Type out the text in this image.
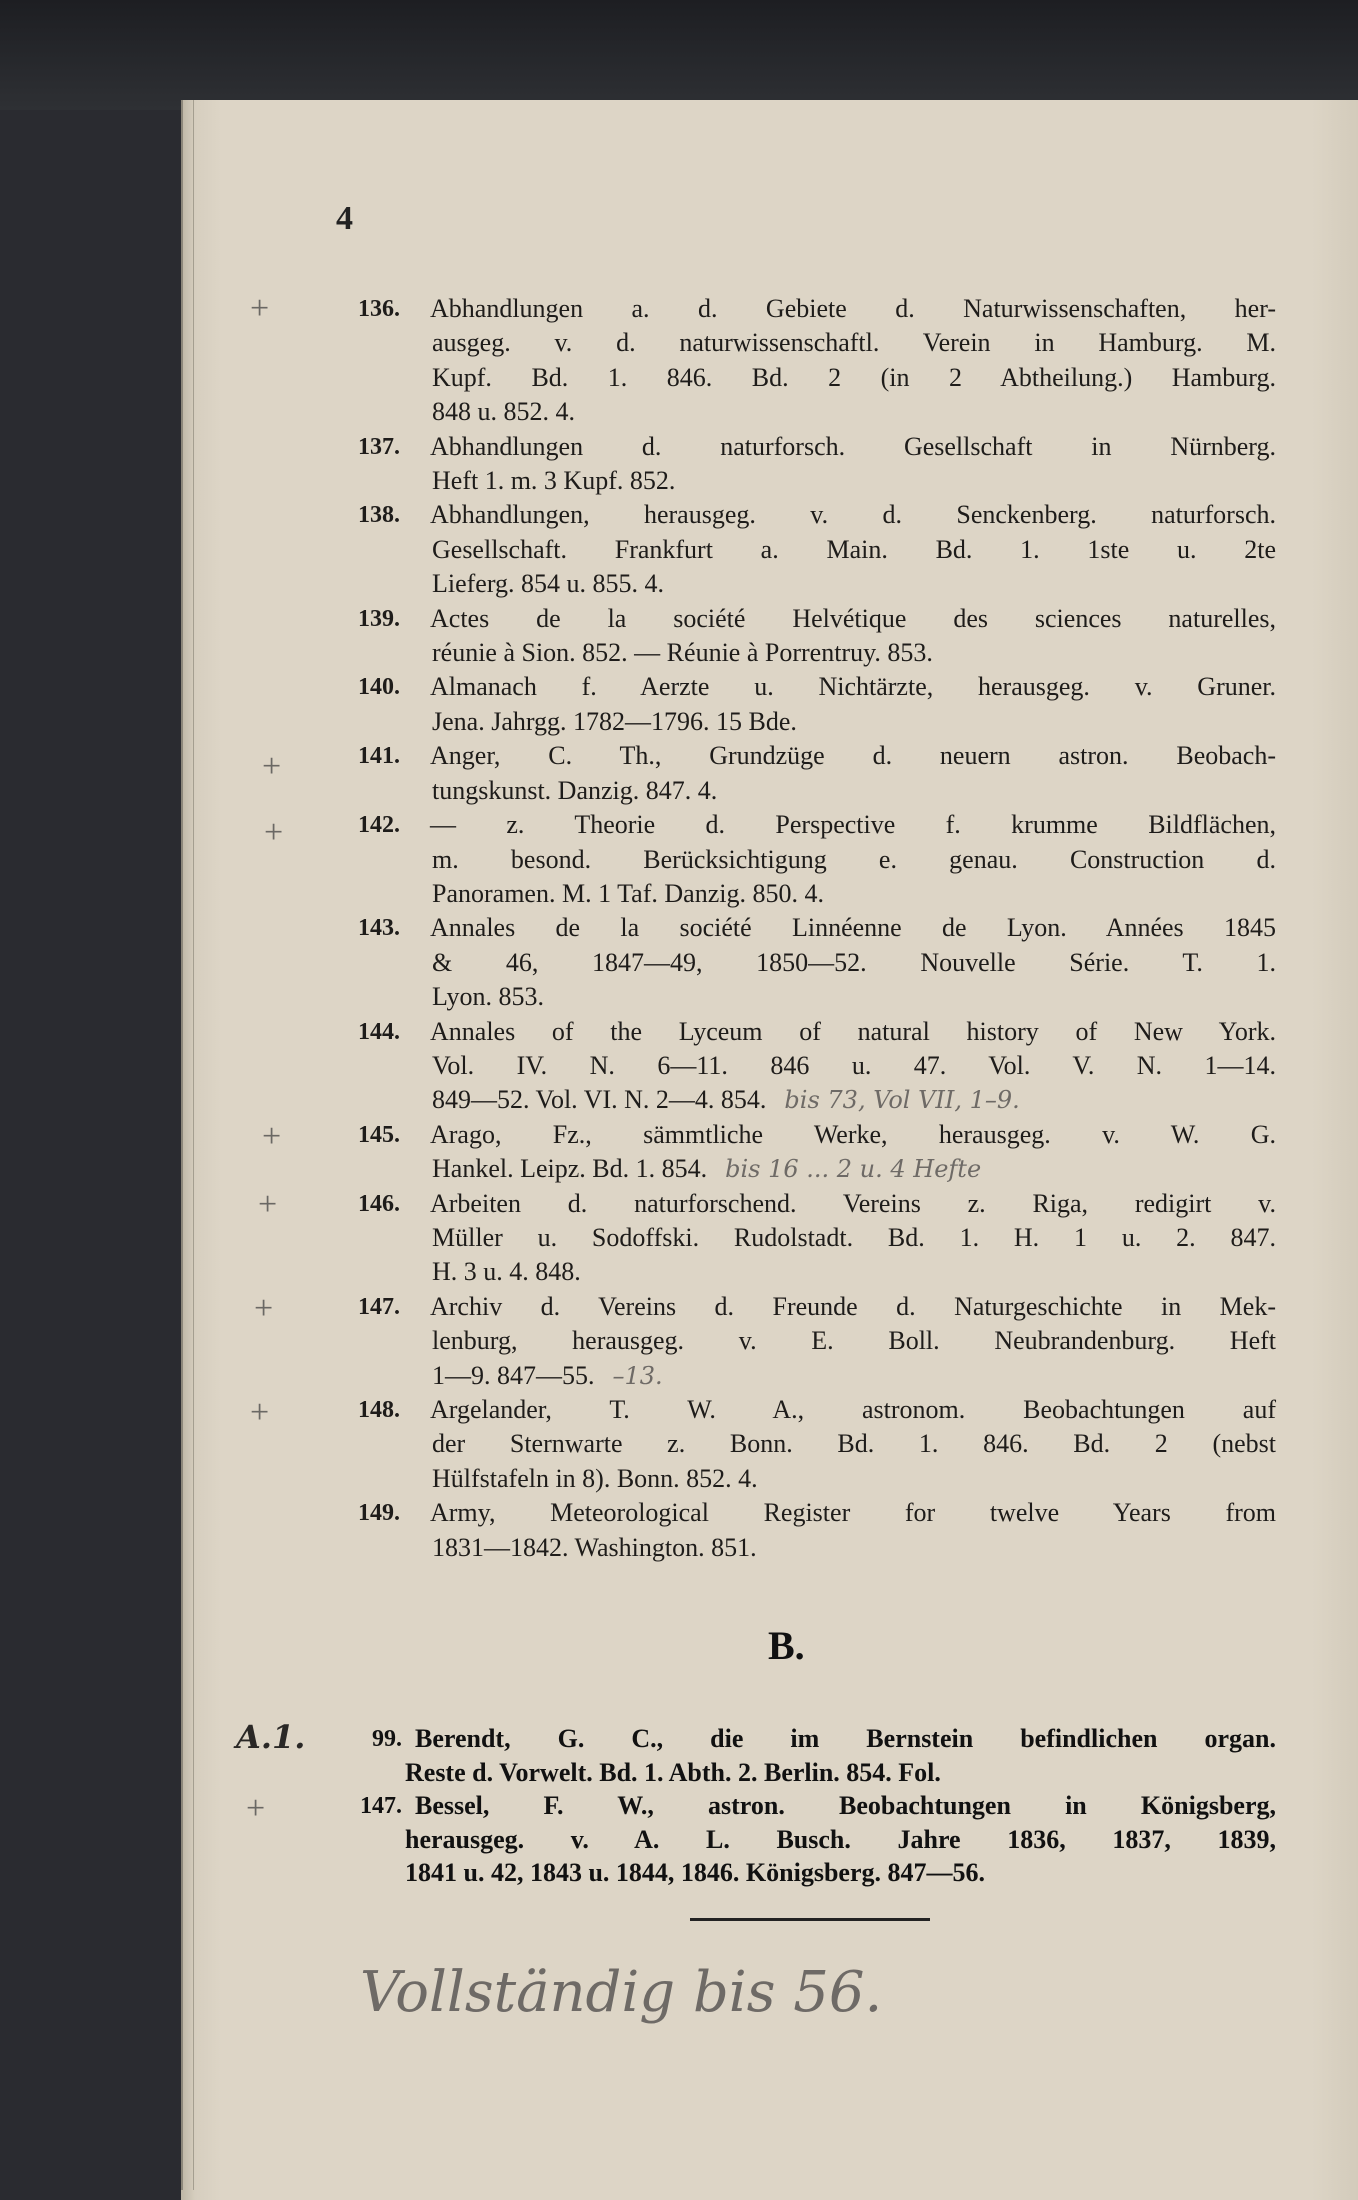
4
136. Abhandlungen a. d. Gebiete d. Naturwissenschaften, her-
ausgeg. v. d. naturwissenschaftl. Verein in Hamburg. M.
Kupf. Bd. 1. 846. Bd. 2 (in 2 Abtheilung.) Hamburg.
848 u. 852. 4.
137. Abhandlungen d. naturforsch. Gesellschaft in Nürnberg.
Heft 1. m. 3 Kupf. 852.
138. Abhandlungen, herausgeg. v. d. Senckenberg. naturforsch.
Gesellschaft. Frankfurt a. Main. Bd. 1. 1ste u. 2te
Lieferg. 854 u. 855. 4.
139. Actes de la société Helvétique des sciences naturelles,
réunie à Sion. 852. — Réunie à Porrentruy. 853.
140. Almanach f. Aerzte u. Nichtärzte, herausgeg. v. Gruner.
Jena. Jahrgg. 1782—1796. 15 Bde.
141. Anger, C. Th., Grundzüge d. neuern astron. Beobach-
tungskunst. Danzig. 847. 4.
142. — z. Theorie d. Perspective f. krumme Bildflächen,
m. besond. Berücksichtigung e. genau. Construction d.
Panoramen. M. 1 Taf. Danzig. 850. 4.
143. Annales de la société Linnéenne de Lyon. Années 1845
& 46, 1847—49, 1850—52. Nouvelle Série. T. 1.
Lyon. 853.
144. Annales of the Lyceum of natural history of New York.
Vol. IV. N. 6—11. 846 u. 47. Vol. V. N. 1—14.
849—52. Vol. VI. N. 2—4. 854. bis 73, Vol VII, 1–9.
145. Arago, Fz., sämmtliche Werke, herausgeg. v. W. G.
Hankel. Leipz. Bd. 1. 854. bis 16 ... 2 u. 4 Hefte
146. Arbeiten d. naturforschend. Vereins z. Riga, redigirt v.
Müller u. Sodoffski. Rudolstadt. Bd. 1. H. 1 u. 2. 847.
H. 3 u. 4. 848.
147. Archiv d. Vereins d. Freunde d. Naturgeschichte in Mek-
lenburg, herausgeg. v. E. Boll. Neubrandenburg. Heft
1—9. 847—55. –13.
148. Argelander, T. W. A., astronom. Beobachtungen auf
der Sternwarte z. Bonn. Bd. 1. 846. Bd. 2 (nebst
Hülfstafeln in 8). Bonn. 852. 4.
149. Army, Meteorological Register for twelve Years from
1831—1842. Washington. 851.
B.
99. Berendt, G. C., die im Bernstein befindlichen organ.
Reste d. Vorwelt. Bd. 1. Abth. 2. Berlin. 854. Fol.
147. Bessel, F. W., astron. Beobachtungen in Königsberg,
herausgeg. v. A. L. Busch. Jahre 1836, 1837, 1839,
1841 u. 42, 1843 u. 1844, 1846. Königsberg. 847—56.
+
+
+
+
+
+
+
+
A.1.
Vollständig bis 56.
